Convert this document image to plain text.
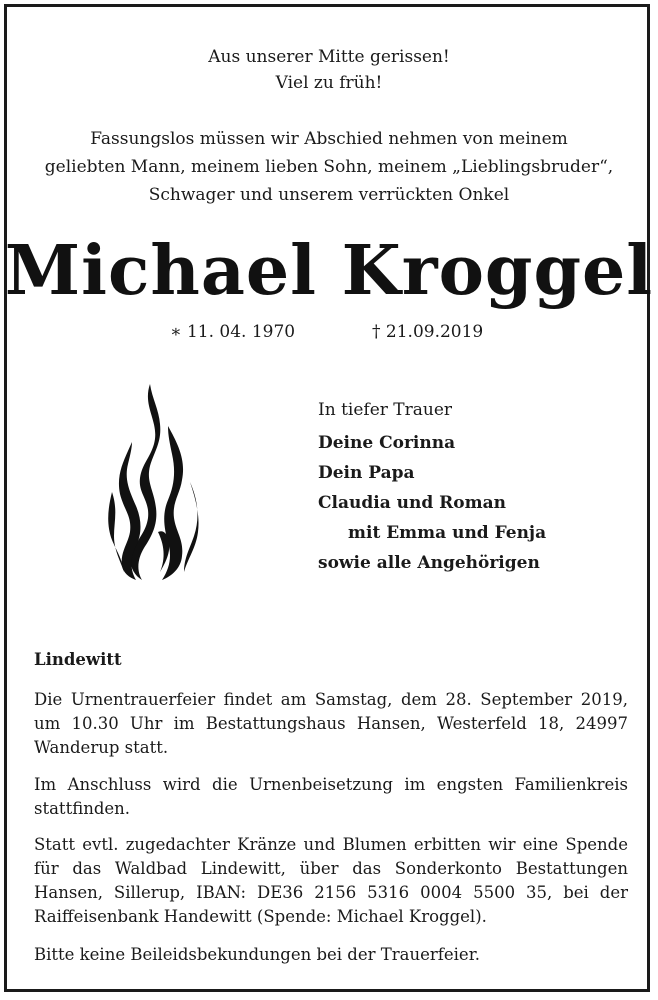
Aus unserer Mitte gerissen!
Viel zu früh!
Fassungslos müssen wir Abschied nehmen von meinem
geliebten Mann, meinem lieben Sohn, meinem „Lieblingsbruder“,
Schwager und unserem verrückten Onkel
Michael Kroggel
∗ 11. 04. 1970	† 21.09.2019
In tiefer Trauer
Deine Corinna
Dein Papa
Claudia und Roman
mit Emma und Fenja
sowie alle Angehörigen
Lindewitt
Die Urnentrauerfeier findet am Samstag, dem 28. September 2019, um 10.30 Uhr im Bestattungshaus Hansen, Westerfeld 18, 24997 Wanderup statt.
Im Anschluss wird die Urnenbeisetzung im engsten Familienkreis stattfinden.
Statt evtl. zugedachter Kränze und Blumen erbitten wir eine Spende für das Waldbad Lindewitt, über das Sonderkonto Bestattungen Hansen, Sillerup, IBAN: DE36 2156 5316 0004 5500 35, bei der Raiffeisenbank Handewitt (Spende: Michael Kroggel).
Bitte keine Beileidsbekundungen bei der Trauerfeier.
